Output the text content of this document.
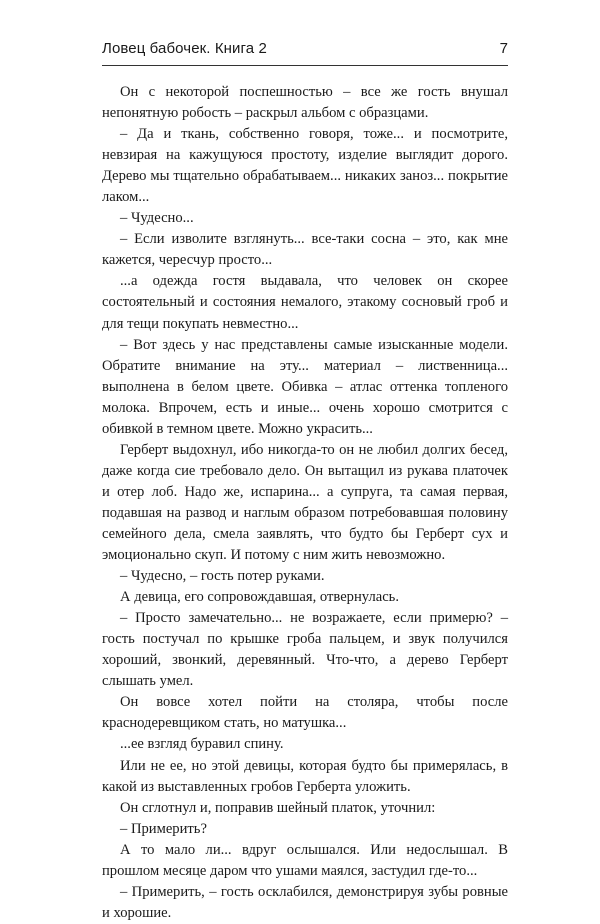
Ловец бабочек. Книга 2	7

Он с некоторой поспешностью – все же гость внушал непонятную робость – раскрыл альбом с образцами.

– Да и ткань, собственно говоря, тоже... и посмотрите, невзирая на кажущуюся простоту, изделие выглядит дорого. Дерево мы тщательно обрабатываем... никаких заноз... покрытие лаком...

– Чудесно...

– Если изволите взглянуть... все-таки сосна – это, как мне кажется, чересчур просто...

...а одежда гостя выдавала, что человек он скорее состоятельный и состояния немалого, этакому сосновый гроб и для тещи покупать невместно...

– Вот здесь у нас представлены самые изысканные модели. Обратите внимание на эту... материал – лиственница... выполнена в белом цвете. Обивка – атлас оттенка топленого молока. Впрочем, есть и иные... очень хорошо смотрится с обивкой в темном цвете. Можно украсить...

Герберт выдохнул, ибо никогда-то он не любил долгих бесед, даже когда сие требовало дело. Он вытащил из рукава платочек и отер лоб. Надо же, испарина... а супруга, та самая первая, подавшая на развод и наглым образом потребовавшая половину семейного дела, смела заявлять, что будто бы Герберт сух и эмоционально скуп. И потому с ним жить невозможно.

– Чудесно, – гость потер руками.

А девица, его сопровождавшая, отвернулась.

– Просто замечательно... не возражаете, если примерю? – гость постучал по крышке гроба пальцем, и звук получился хороший, звонкий, деревянный. Что-что, а дерево Герберт слышать умел.

Он вовсе хотел пойти на столяра, чтобы после краснодеревщиком стать, но матушка...

...ее взгляд буравил спину.

Или не ее, но этой девицы, которая будто бы примерялась, в какой из выставленных гробов Герберта уложить.

Он сглотнул и, поправив шейный платок, уточнил:

– Примерить?

А то мало ли... вдруг ослышался. Или недослышал. В прошлом месяце даром что ушами маялся, застудил где-то...

– Примерить, – гость осклабился, демонстрируя зубы ровные и хорошие.
